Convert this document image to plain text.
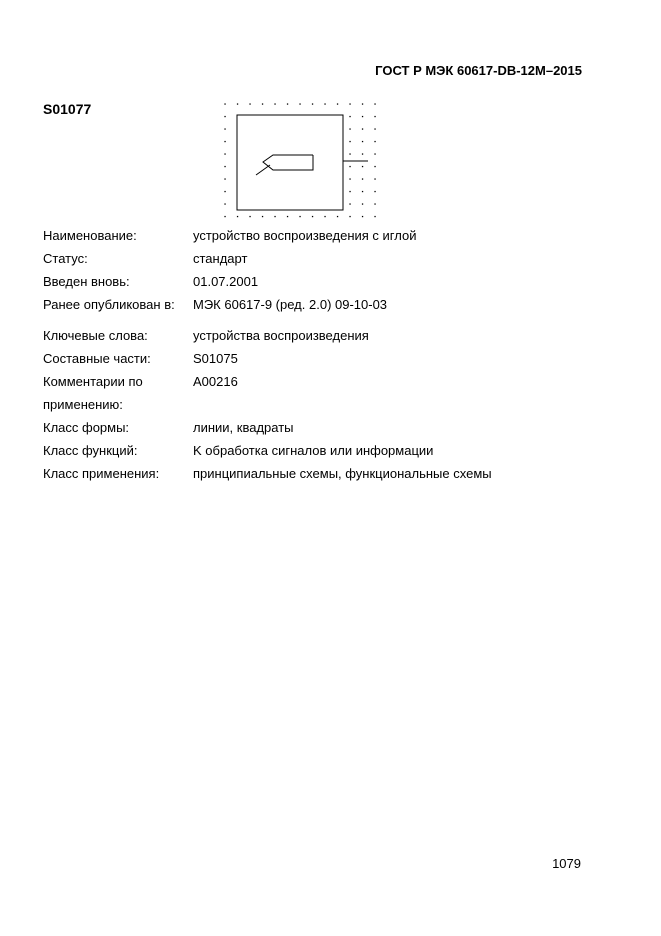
ГОСТ Р МЭК 60617-DB-12M–2015
S01077
Наименование:	устройство воспроизведения с иглой
Статус:	стандарт
Введен вновь:	01.07.2001
Ранее опубликован в:	МЭК 60617-9 (ред. 2.0) 09-10-03
Ключевые слова:	устройства воспроизведения
Составные части:	S01075
Комментарии по	A00216
применению:
Класс формы:	линии, квадраты
Класс функций:	K обработка сигналов или информации
Класс применения:	принципиальные схемы, функциональные схемы
1079
